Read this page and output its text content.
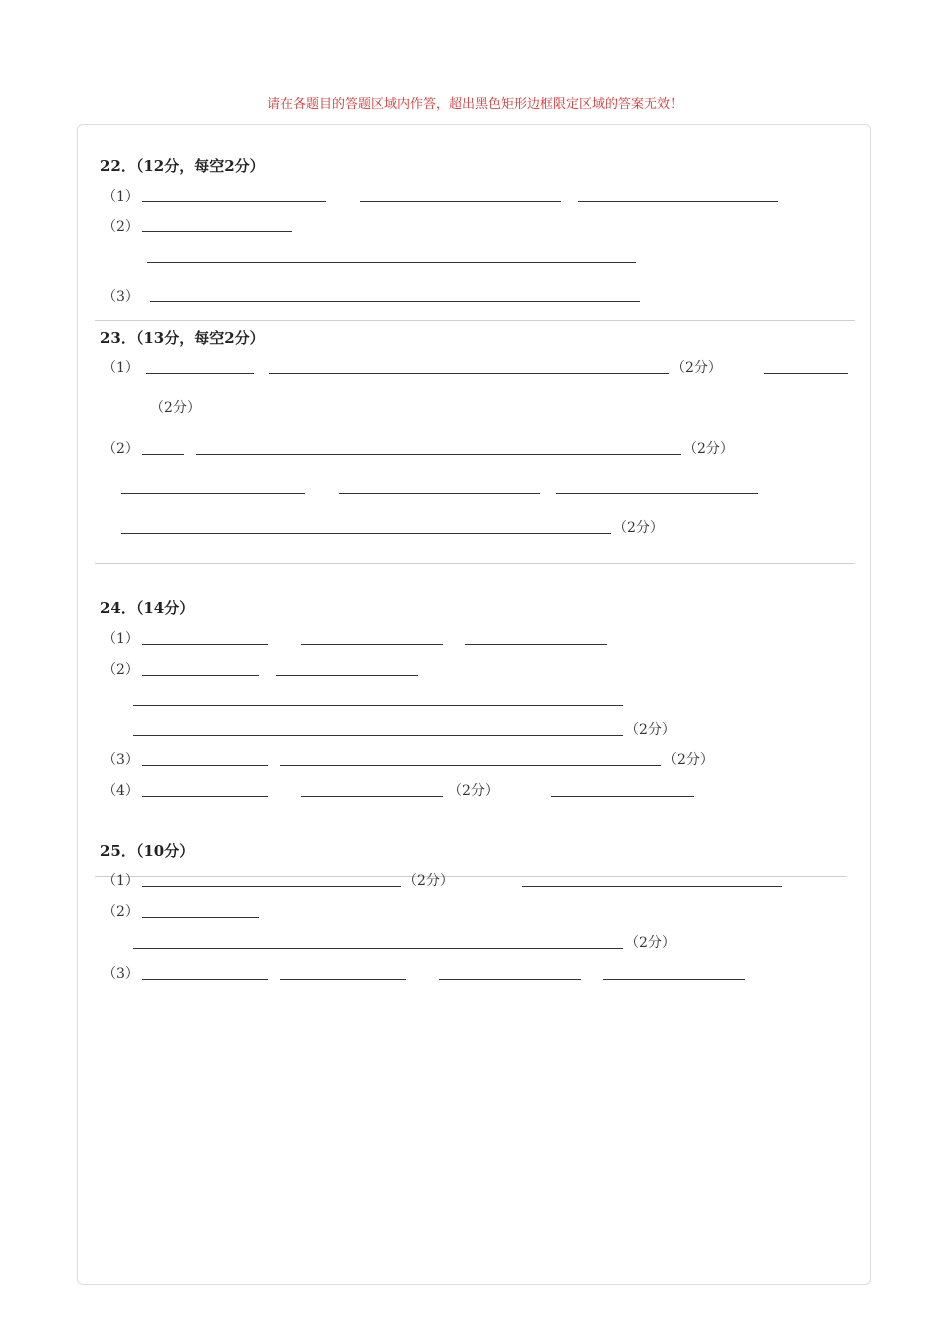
请在各题目的答题区域内作答，超出黑色矩形边框限定区域的答案无效！
22．（12分，每空2分）
（1）
（2）
（3）
23．（13分，每空2分）
（1）	（2分）
（2分）
（2）	（2分）
（2分）
24．（14分）
（1）
（2）
（2分）
（3）	（2分）
（4）	（2分）
25．（10分）
（1）	（2分）
（2）
（2分）
（3）
